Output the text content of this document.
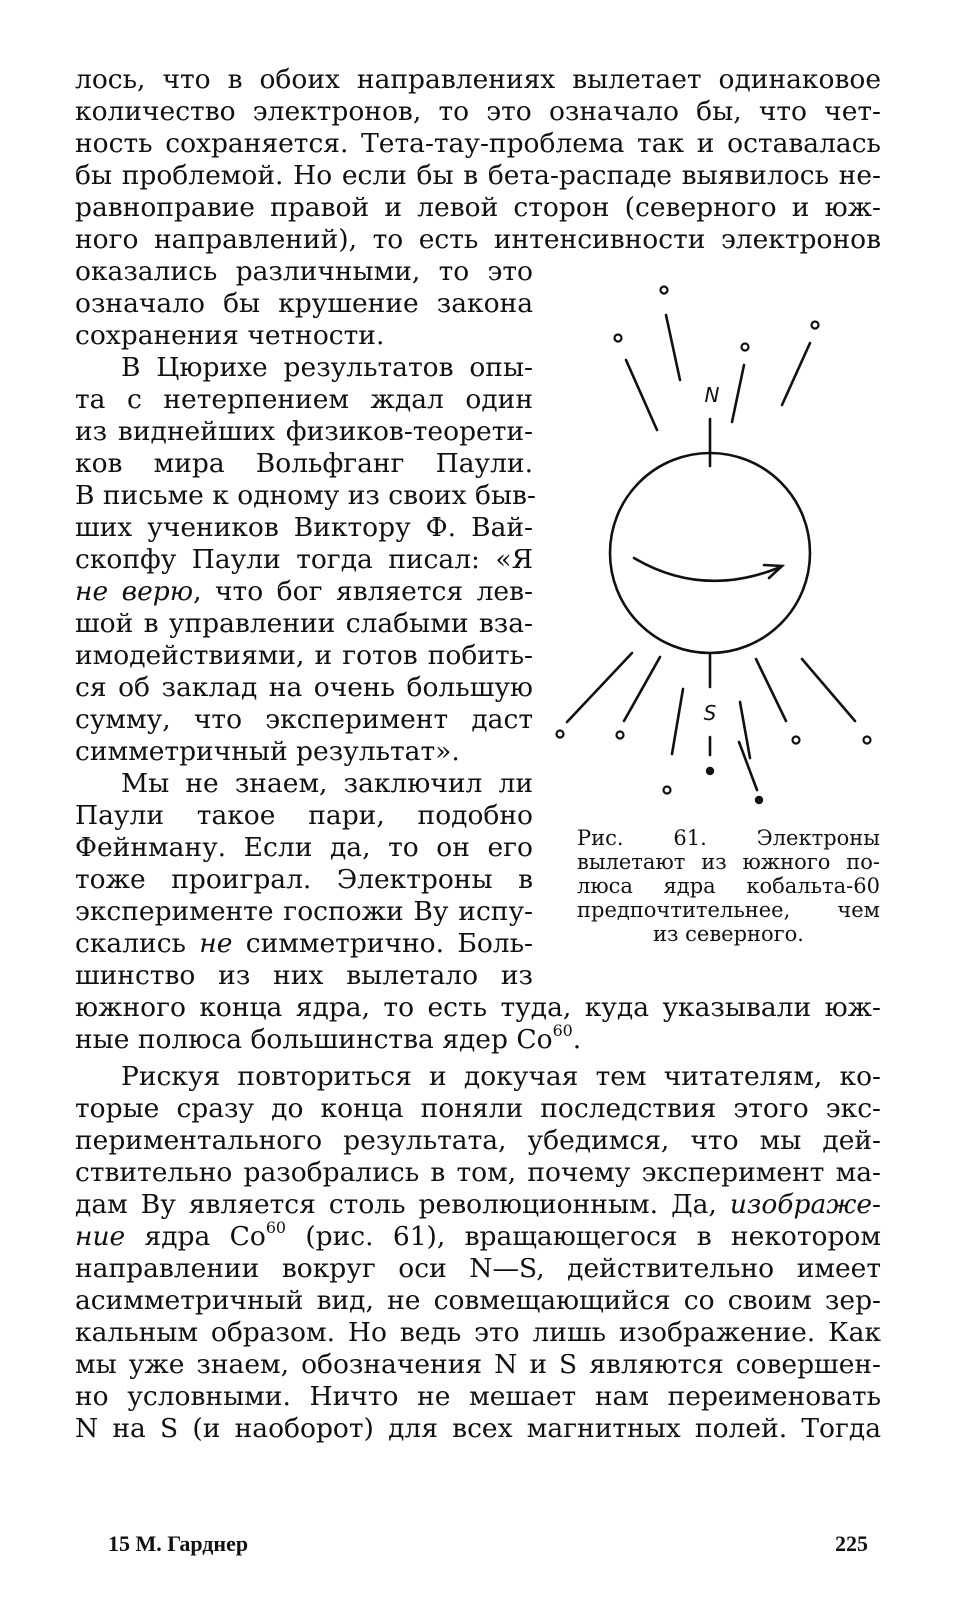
лось, что в обоих направлениях вылетает одинаковое
количество электронов, то это означало бы, что чет-
ность сохраняется. Тета-тау-проблема так и оставалась
бы проблемой. Но если бы в бета-распаде выявилось не-
равноправие правой и левой сторон (северного и юж-
ного направлений), то есть интенсивности электронов
оказались различными, то это
означало бы крушение закона
сохранения четности.
В Цюрихе результатов опы-
та с нетерпением ждал один
из виднейших физиков-теорети-
ков мира Вольфганг Паули.
В письме к одному из своих быв-
ших учеников Виктору Ф. Вай-
скопфу Паули тогда писал: «Я
не верю, что бог является лев-
шой в управлении слабыми вза-
имодействиями, и готов побить-
ся об заклад на очень большую
сумму, что эксперимент даст
симметричный результат».
Мы не знаем, заключил ли
Паули такое пари, подобно
Фейнману. Если да, то он его
тоже проиграл. Электроны в
эксперименте госпожи Ву испу-
скались не симметрично. Боль-
шинство из них вылетало из
южного конца ядра, то есть туда, куда указывали юж-
ные полюса большинства ядер Co$^{60}$.
Рискуя повториться и докучая тем читателям, ко-
торые сразу до конца поняли последствия этого экс-
периментального результата, убедимся, что мы дей-
ствительно разобрались в том, почему эксперимент ма-
дам Ву является столь революционным. Да, изображе-
ние ядра Co$^{60}$ (рис. 61), вращающегося в некотором
направлении вокруг оси N—S, действительно имеет
асимметричный вид, не совмещающийся со своим зер-
кальным образом. Но ведь это лишь изображение. Как
мы уже знаем, обозначения N и S являются совершен-
но условными. Ничто не мешает нам переименовать
N на S (и наоборот) для всех магнитных полей. Тогда
N
S
Рис. 61. Электроны
вылетают из южного по-
люса ядра кобальта-60
предпочтительнее, чем
из северного.
15 М. Гарднер	225
